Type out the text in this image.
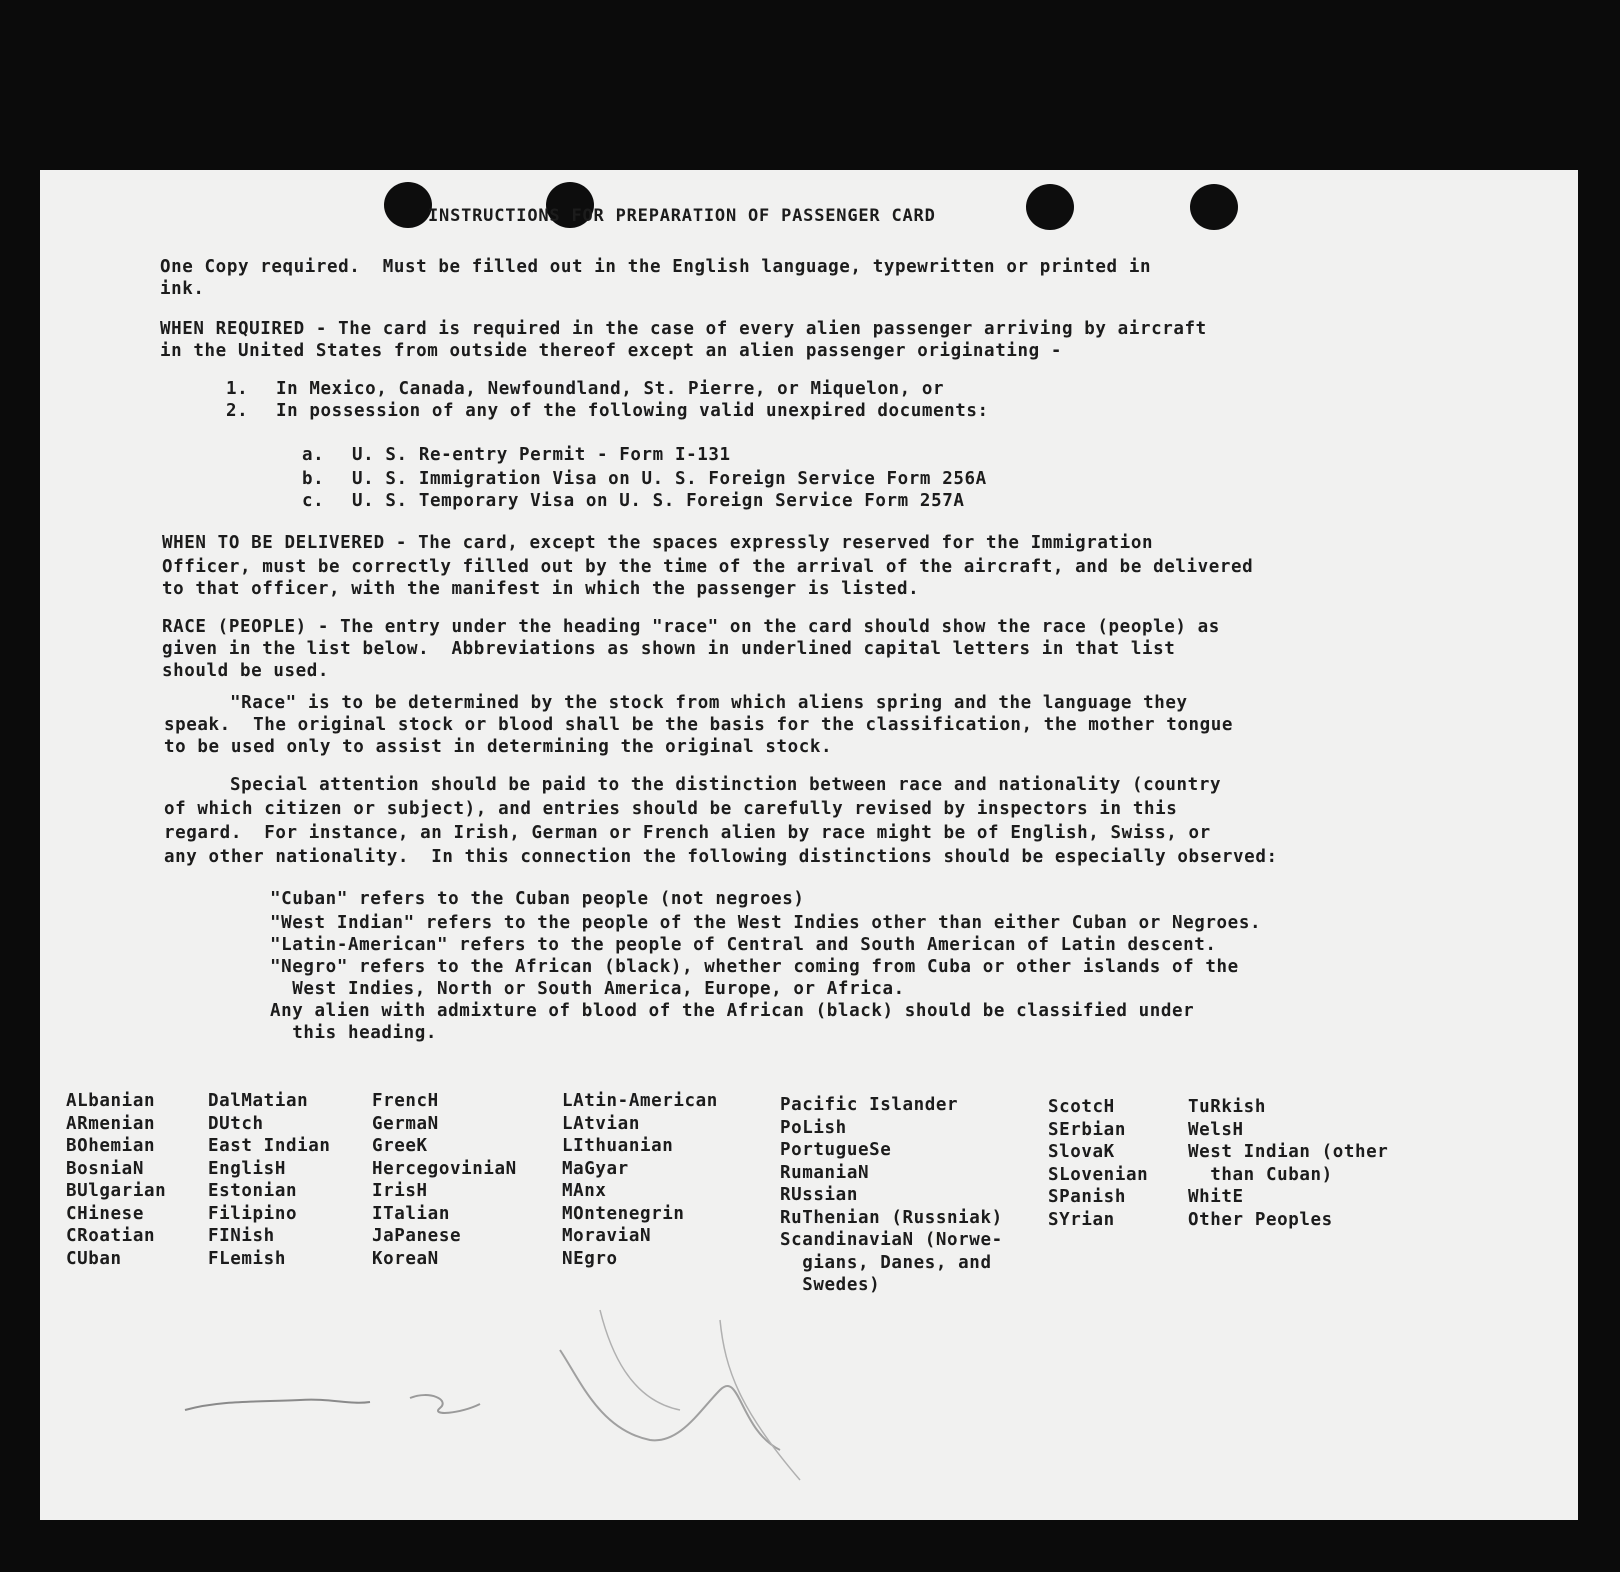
INSTRUCTIONS FOR PREPARATION OF PASSENGER CARD
One Copy required.  Must be filled out in the English language, typewritten or printed in
ink.
WHEN REQUIRED - The card is required in the case of every alien passenger arriving by aircraft
in the United States from outside thereof except an alien passenger originating -
1. In Mexico, Canada, Newfoundland, St. Pierre, or Miquelon, or
2. In possession of any of the following valid unexpired documents:
a. U. S. Re-entry Permit - Form I-131
b. U. S. Immigration Visa on U. S. Foreign Service Form 256A
c. U. S. Temporary Visa on U. S. Foreign Service Form 257A
WHEN TO BE DELIVERED - The card, except the spaces expressly reserved for the Immigration
Officer, must be correctly filled out by the time of the arrival of the aircraft, and be delivered
to that officer, with the manifest in which the passenger is listed.
RACE (PEOPLE) - The entry under the heading "race" on the card should show the race (people) as
given in the list below.  Abbreviations as shown in underlined capital letters in that list
should be used.
"Race" is to be determined by the stock from which aliens spring and the language they
speak.  The original stock or blood shall be the basis for the classification, the mother tongue
to be used only to assist in determining the original stock.
Special attention should be paid to the distinction between race and nationality (country
of which citizen or subject), and entries should be carefully revised by inspectors in this
regard.  For instance, an Irish, German or French alien by race might be of English, Swiss, or
any other nationality.  In this connection the following distinctions should be especially observed:
"Cuban" refers to the Cuban people (not negroes)
"West Indian" refers to the people of the West Indies other than either Cuban or Negroes.
"Latin-American" refers to the people of Central and South American of Latin descent.
"Negro" refers to the African (black), whether coming from Cuba or other islands of the
West Indies, North or South America, Europe, or Africa.
Any alien with admixture of blood of the African (black) should be classified under
this heading.
ALbanian
ARmenian
BOhemian
BosniaN
BUlgarian
CHinese
CRoatian
CUban
DalMatian
DUtch
East Indian
EnglisH
Estonian
Filipino
FINish
FLemish
FrencH
GermaN
GreeK
HercegoviniaN
IrisH
ITalian
JaPanese
KoreaN
LAtin-American
LAtvian
LIthuanian
MaGyar
MAnx
MOntenegrin
MoraviaN
NEgro
Pacific Islander
PoLish
PortugueSe
RumaniaN
RUssian
RuThenian (Russniak)
ScandinaviaN (Norwe-
gians, Danes, and
Swedes)
ScotcH
SErbian
SlovaK
SLovenian
SPanish
SYrian
TuRkish
WelsH
West Indian (other
than Cuban)
WhitE
Other Peoples
